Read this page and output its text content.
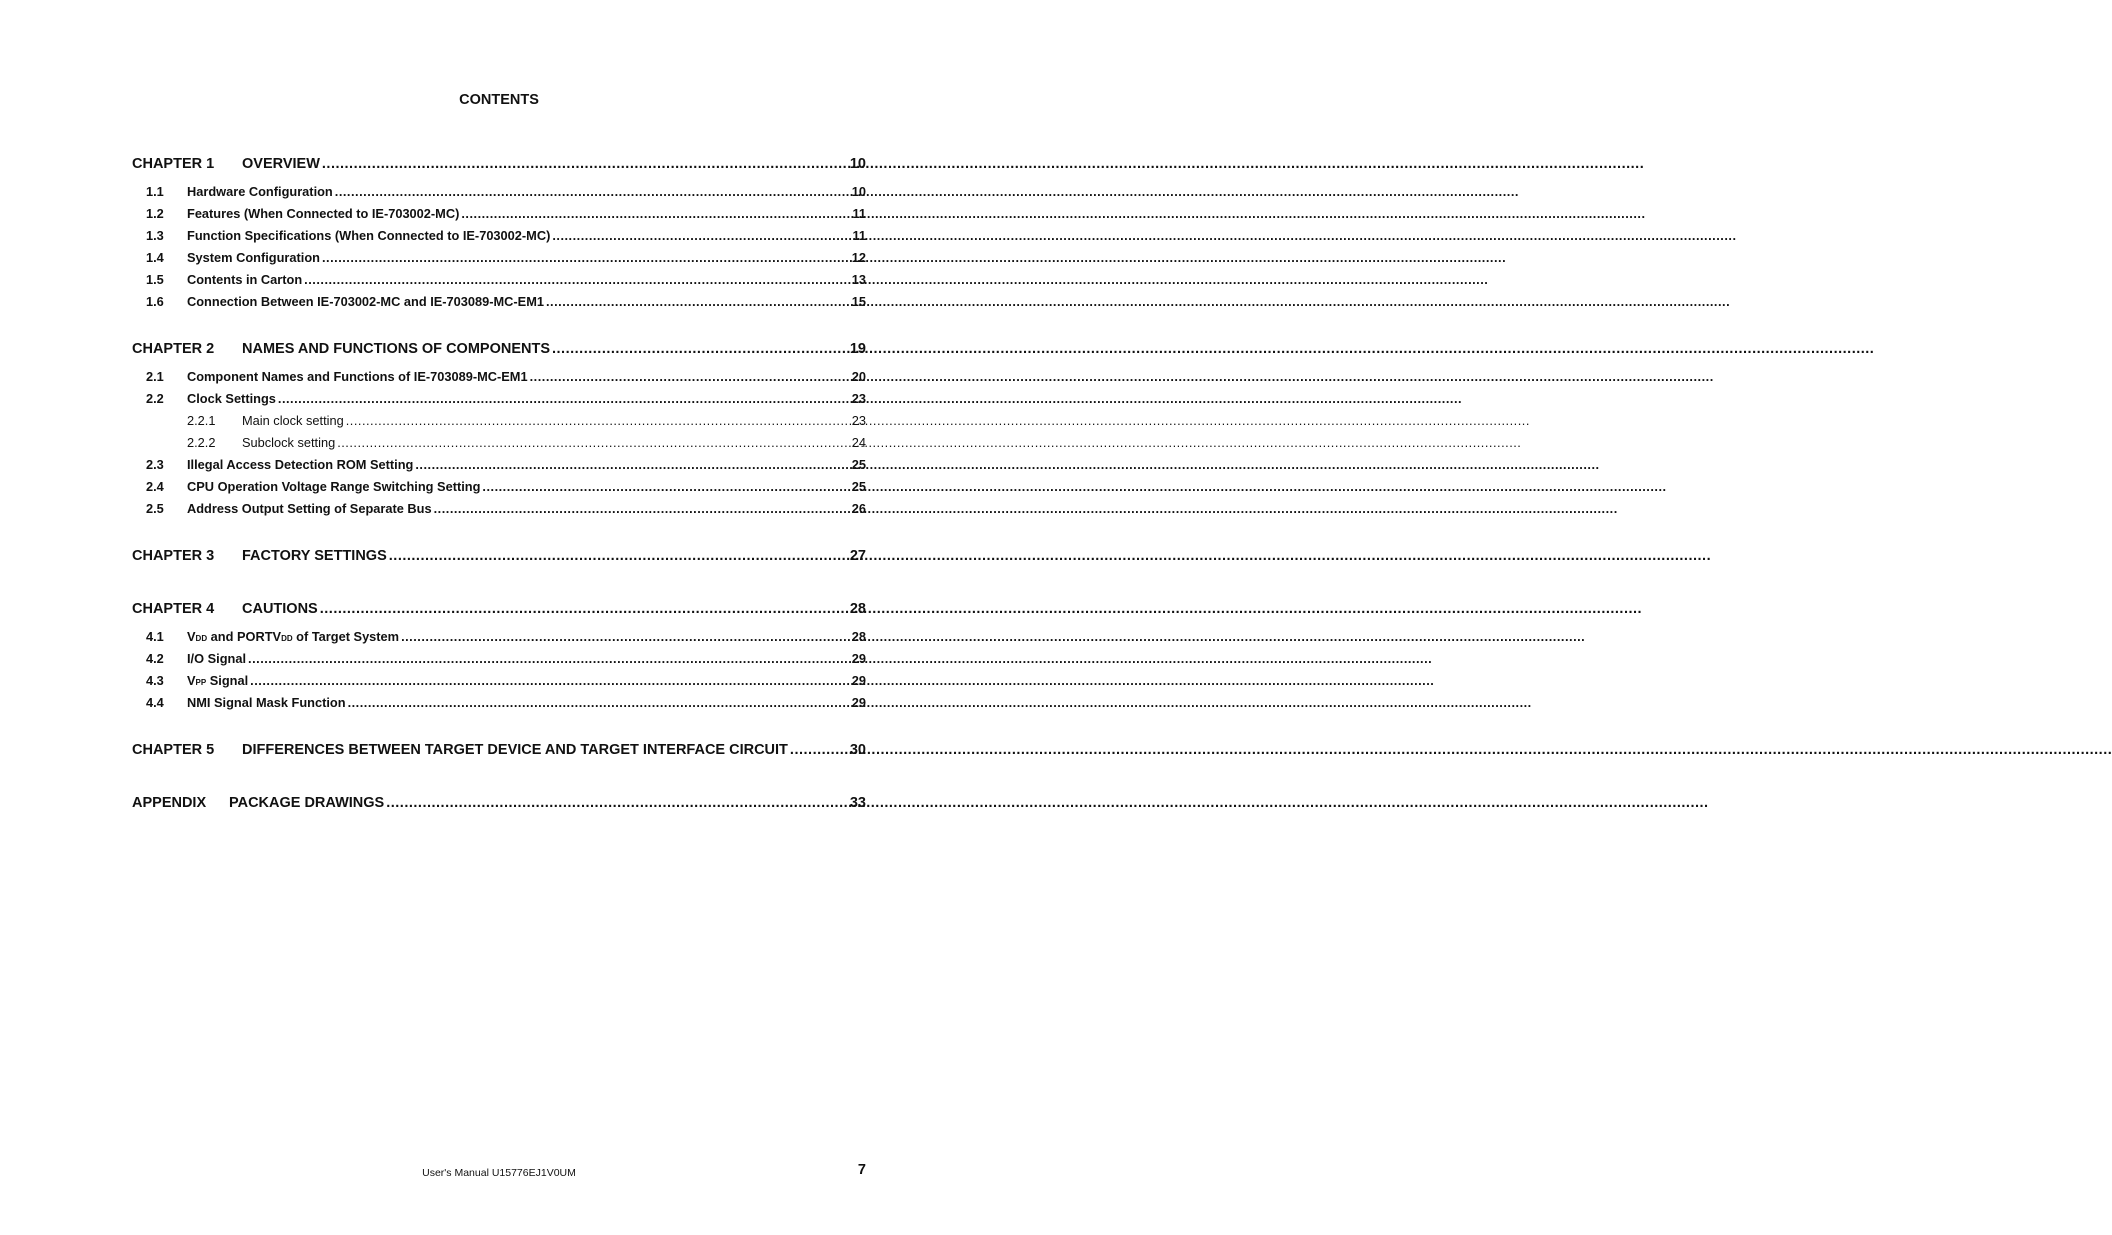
CONTENTS
CHAPTER 1	OVERVIEW .....	10
1.1	Hardware Configuration .....	10
1.2	Features (When Connected to IE-703002-MC) .....	11
1.3	Function Specifications (When Connected to IE-703002-MC) .....	11
1.4	System Configuration .....	12
1.5	Contents in Carton .....	13
1.6	Connection Between IE-703002-MC and IE-703089-MC-EM1 .....	15
CHAPTER 2	NAMES AND FUNCTIONS OF COMPONENTS .....	19
2.1	Component Names and Functions of IE-703089-MC-EM1 .....	20
2.2	Clock Settings .....	23
2.2.1	Main clock setting .....	23
2.2.2	Subclock setting .....	24
2.3	Illegal Access Detection ROM Setting .....	25
2.4	CPU Operation Voltage Range Switching Setting .....	25
2.5	Address Output Setting of Separate Bus .....	26
CHAPTER 3	FACTORY SETTINGS .....	27
CHAPTER 4	CAUTIONS .....	28
4.1	VDD and PORTVDD of Target System .....	28
4.2	I/O Signal .....	29
4.3	VPP Signal .....	29
4.4	NMI Signal Mask Function .....	29
CHAPTER 5	DIFFERENCES BETWEEN TARGET DEVICE AND TARGET INTERFACE CIRCUIT .....	30
APPENDIX	PACKAGE DRAWINGS .....	33
User's Manual U15776EJ1V0UM	7
